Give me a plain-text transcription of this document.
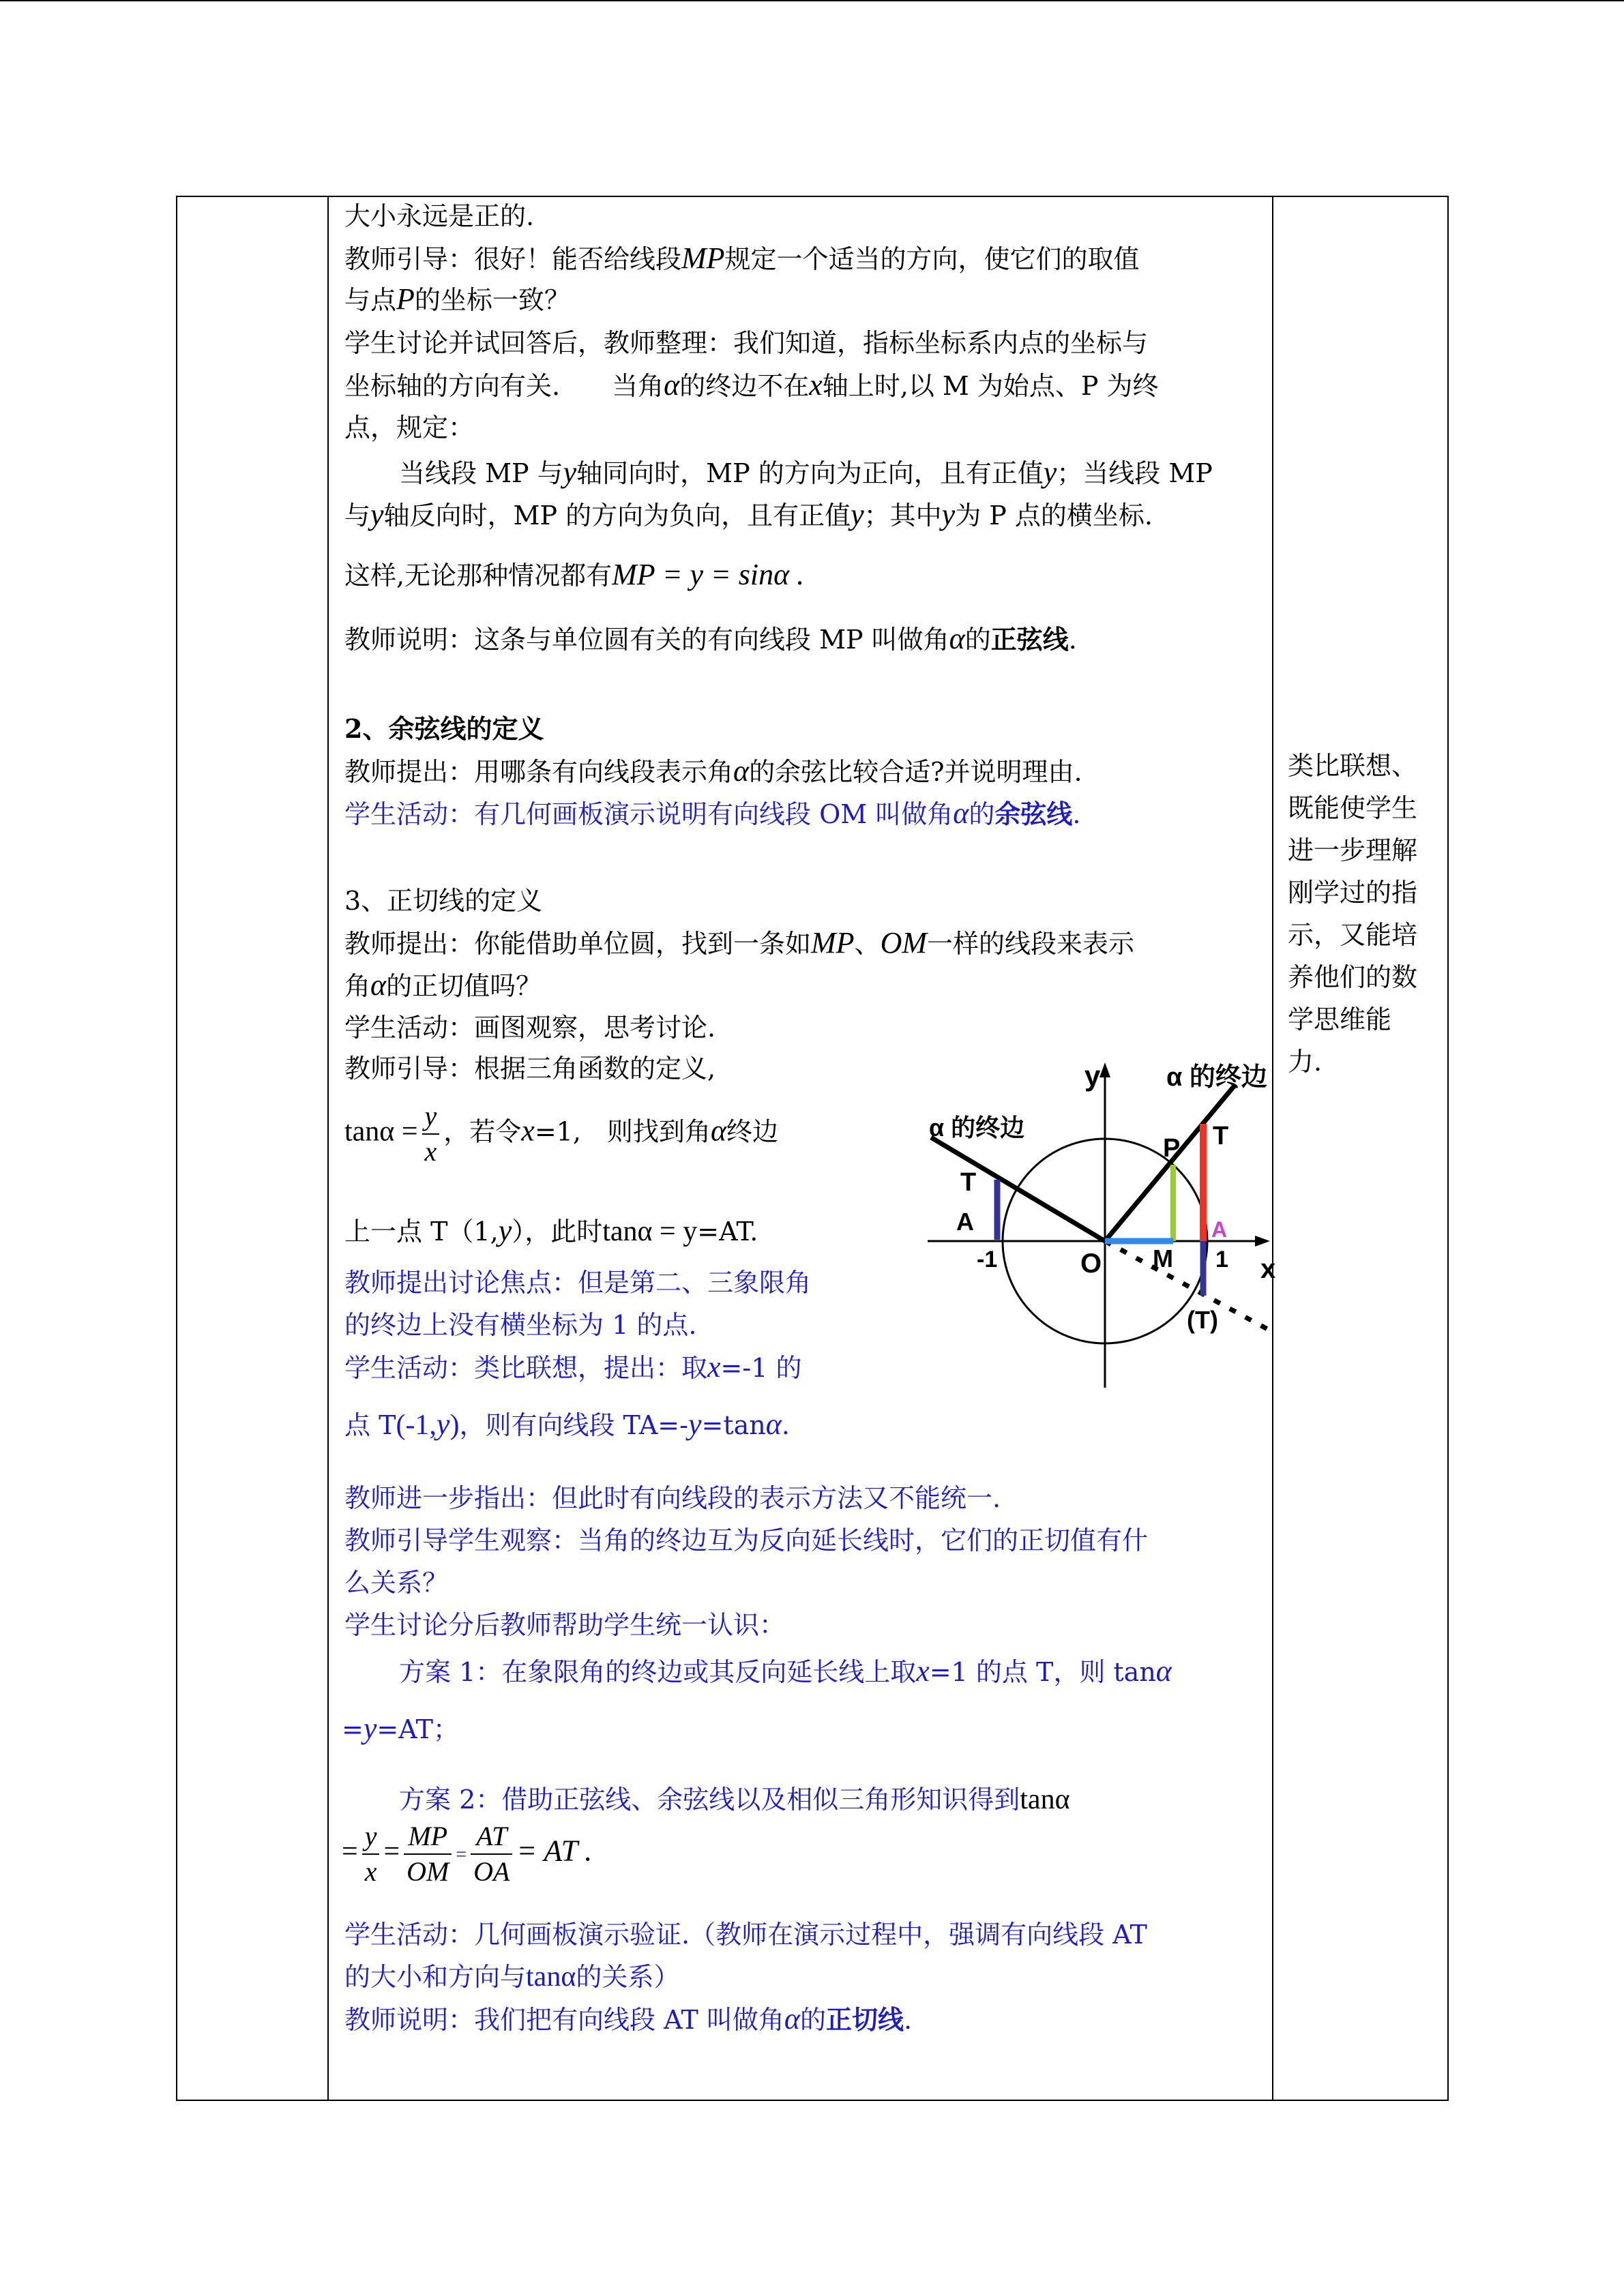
大小永远是正的.
教师引导：很好！能否给线段MP规定一个适当的方向，使它们的取值
与点P的坐标一致？
学生讨论并试回答后，教师整理：我们知道，指标坐标系内点的坐标与
坐标轴的方向有关.　　当角α的终边不在x轴上时,以 M 为始点、P 为终
点，规定：
当线段 MP 与y轴同向时，MP 的方向为正向，且有正值y；当线段 MP
与y轴反向时，MP 的方向为负向，且有正值y；其中y为 P 点的横坐标.
这样,无论那种情况都有MP = y = sinα .
教师说明：这条与单位圆有关的有向线段 MP 叫做角α的正弦线.
2、余弦线的定义
教师提出：用哪条有向线段表示角α的余弦比较合适?并说明理由.
学生活动：有几何画板演示说明有向线段 OM 叫做角α的余弦线.
3、正切线的定义
教师提出：你能借助单位圆，找到一条如MP、OM一样的线段来表示
角α的正切值吗？
学生活动：画图观察，思考讨论.
教师引导：根据三角函数的定义,
$\tan\alpha = \frac{y}{x}$ ，若令x=1,　则找到角α终边
上一点 T（1,y），此时tanα = y=AT.
教师提出讨论焦点：但是第二、三象限角
的终边上没有横坐标为 1 的点.
学生活动：类比联想，提出：取x=-1 的
点 T(-1,y)，则有向线段 TA=-y=tanα.
教师进一步指出：但此时有向线段的表示方法又不能统一.
教师引导学生观察：当角的终边互为反向延长线时，它们的正切值有什
么关系？
学生讨论分后教师帮助学生统一认识：
方案 1：在象限角的终边或其反向延长线上取x=1 的点 T，则 tanα
=y=AT；
方案 2：借助正弦线、余弦线以及相似三角形知识得到tanα
= $\frac{y}{x} = \frac{MP}{OM} = \frac{AT}{OA}$ = AT .
学生活动：几何画板演示验证.（教师在演示过程中，强调有向线段 AT
的大小和方向与tanα的关系）
教师说明：我们把有向线段 AT 叫做角α的正切线.
类比联想、
既能使学生
进一步理解
刚学过的指
示，又能培
养他们的数
学思维能
力.
y
x
α 的终边
α 的终边
P T
T
A	A
O M 1
-1
(T)
